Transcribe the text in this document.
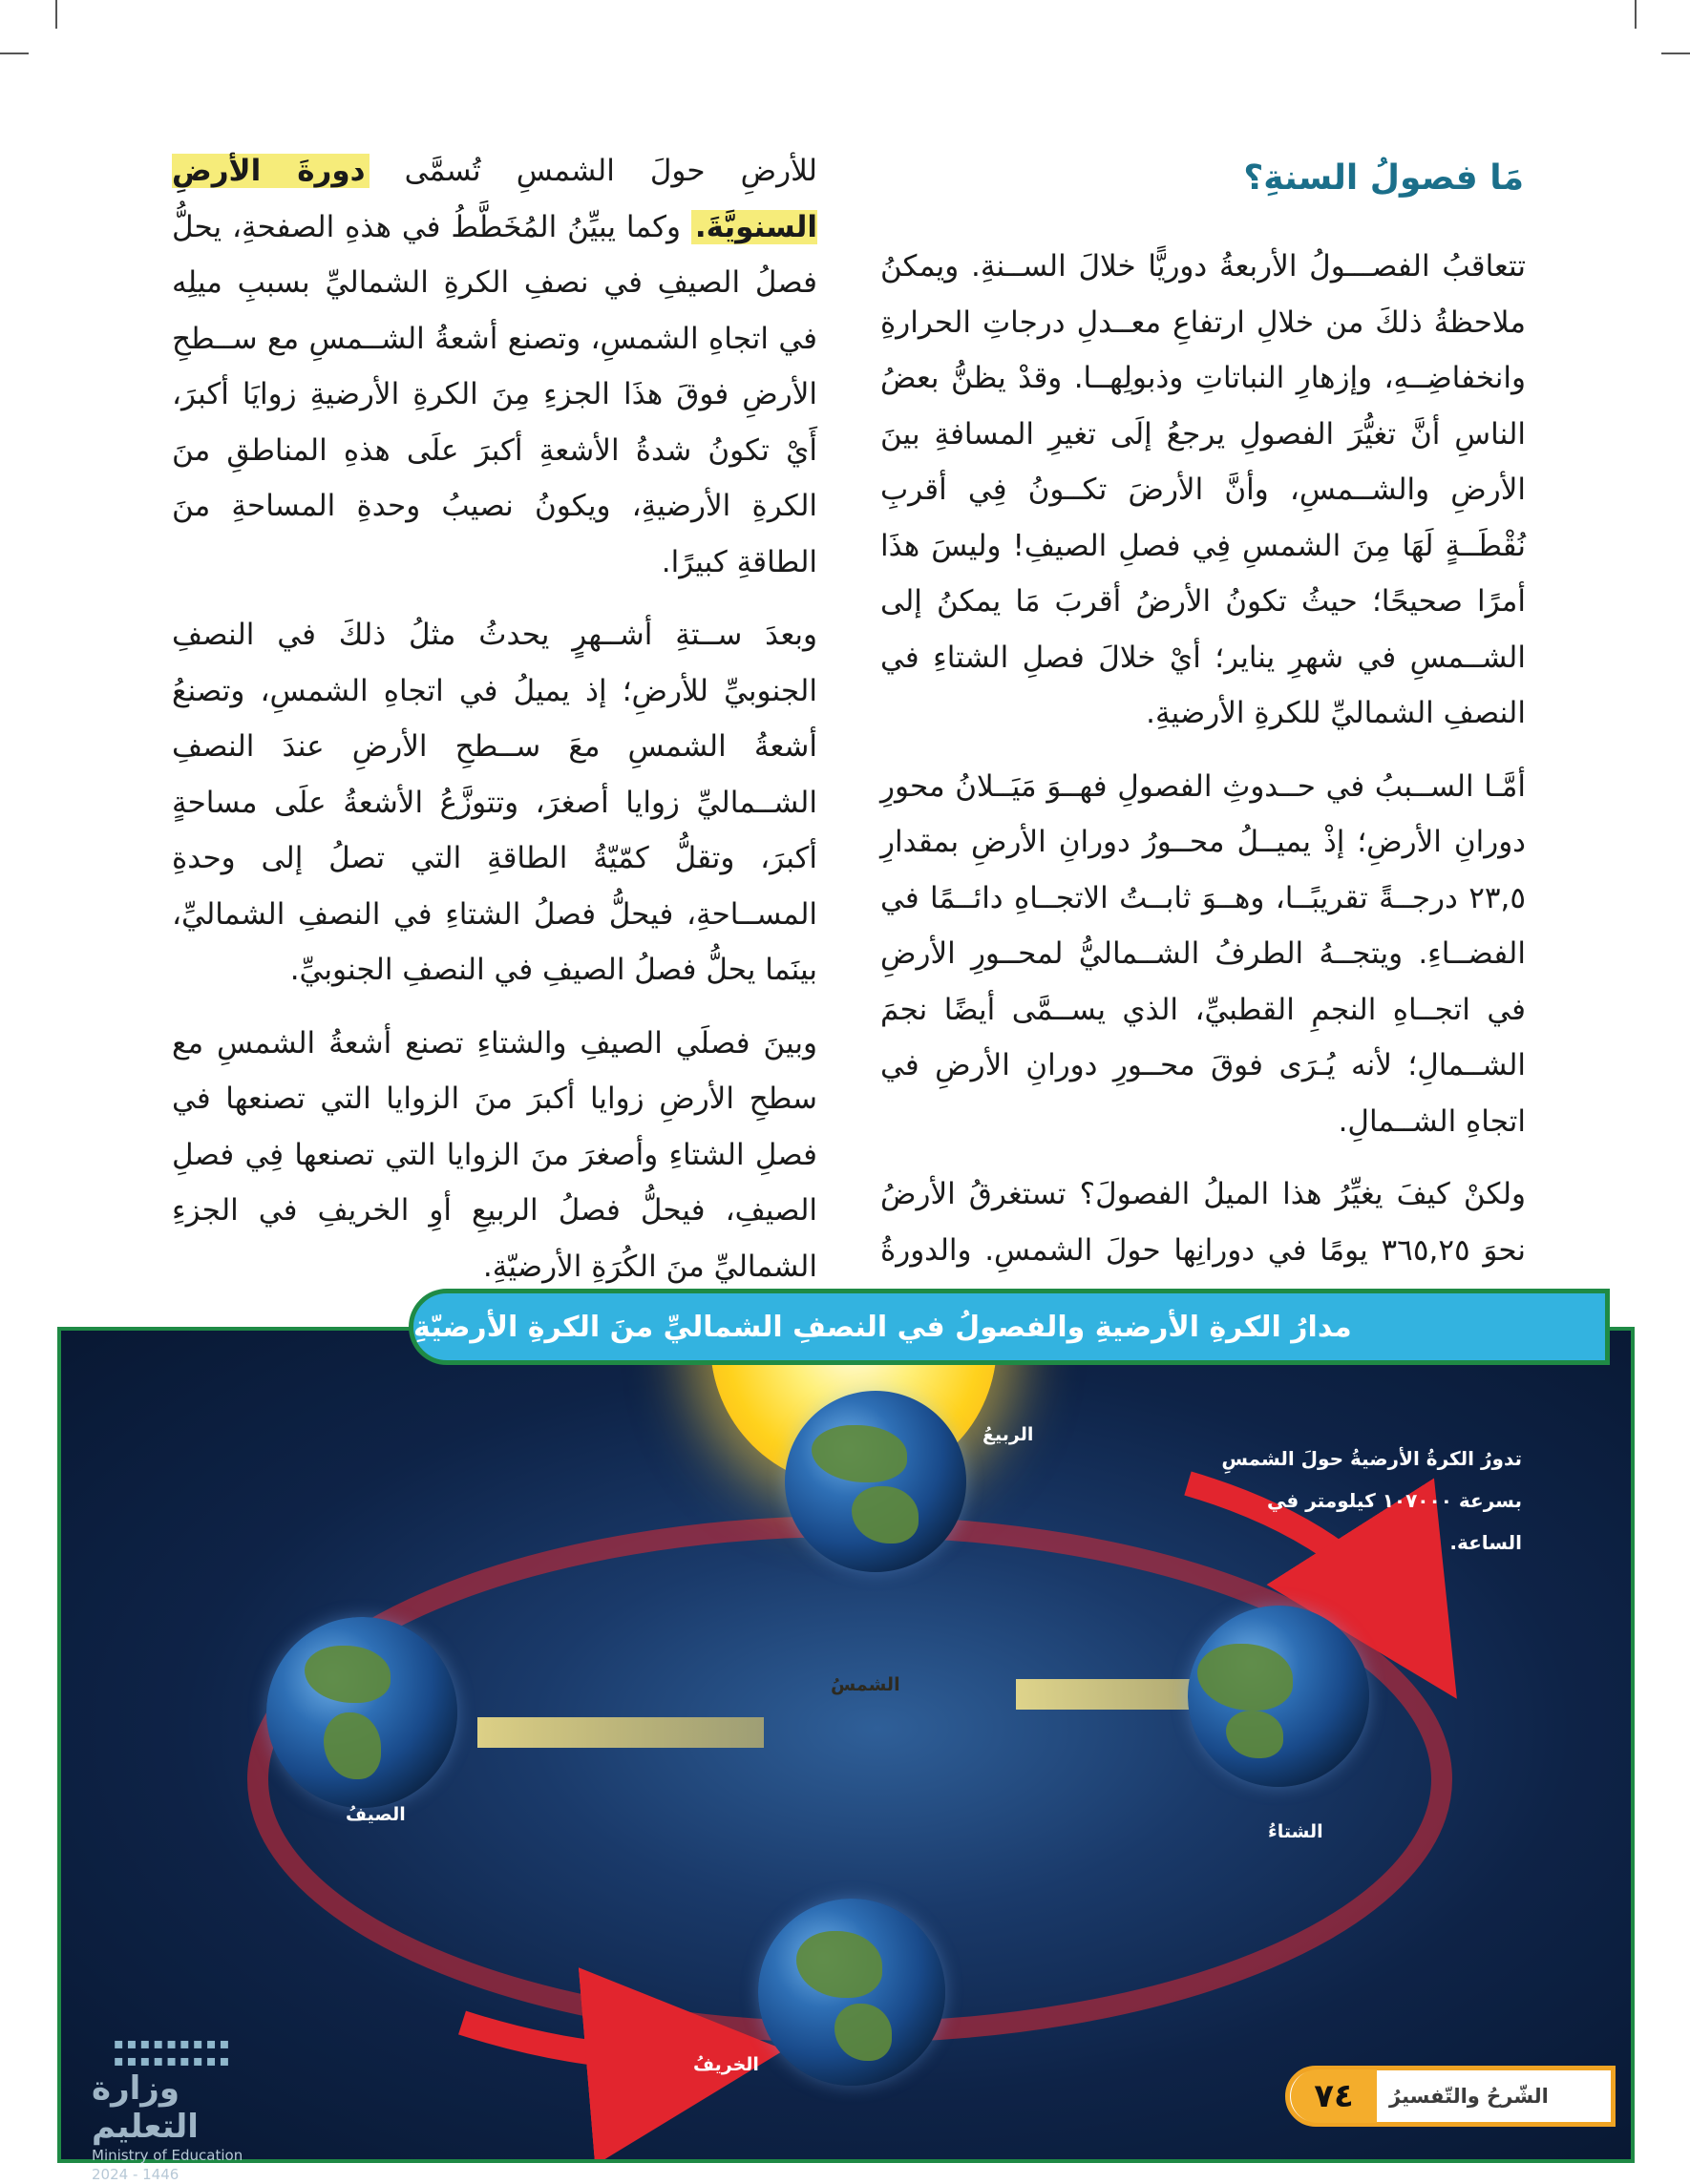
مَا فصولُ السنةِ؟

تتعاقبُ الفصـــولُ الأربعةُ دوريًّا خلالَ الســنةِ. ويمكنُ ملاحظةُ ذلكَ من خلالِ ارتفاعِ معــدلِ درجاتِ الحرارةِ وانخفاضِــهِ، وإزهارِ النباتاتِ وذبولِهــا. وقدْ يظنُّ بعضُ الناسِ أنَّ تغيُّرَ الفصولِ يرجعُ إلَى تغيرِ المسافةِ بينَ الأرضِ والشــمسِ، وأنَّ الأرضَ تكــونُ فِي أقربِ نُقْطَــةٍ لَهَا مِنَ الشمسِ فِي فصلِ الصيفِ! وليسَ هذَا أمرًا صحيحًا؛ حيثُ تكونُ الأرضُ أقربَ مَا يمكنُ إلى الشــمسِ في شهرِ يناير؛ أيْ خلالَ فصلِ الشتاءِ في النصفِ الشماليِّ للكرةِ الأرضيةِ.

أمَّـا الســببُ في حــدوثِ الفصولِ فهــوَ مَيَــلانُ محورِ دورانِ الأرضِ؛ إذْ يميــلُ محــورُ دورانِ الأرضِ بمقدارِ ٢٣,٥ درجــةً تقريبًــا، وهــوَ ثابــتُ الاتجــاهِ دائــمًا في الفضــاءِ. ويتجــهُ الطرفُ الشــماليُّ لمحــورِ الأرضِ في اتجــاهِ النجمِ القطبيِّ، الذي يســمَّى أيضًا نجمَ الشــمالِ؛ لأنه يُـرَى فوقَ محــورِ دورانِ الأرضِ في اتجاهِ الشــمالِ.

ولكنْ كيفَ يغيِّرُ هذا الميلُ الفصولَ؟ تستغرقُ الأرضُ نحوَ ٣٦٥,٢٥ يومًا في دورانِها حولَ الشمسِ. والدورةُ

للأرضِ حولَ الشمسِ تُسمَّى دورةَ الأرضِ السنويَّةَ. وكما يبيِّنُ المُخَطَّطُ في هذهِ الصفحةِ، يحلُّ فصلُ الصيفِ في نصفِ الكرةِ الشماليِّ بسببِ ميلِه في اتجاهِ الشمسِ، وتصنع أشعةُ الشــمسِ مع ســطحِ الأرضِ فوقَ هذَا الجزءِ مِنَ الكرةِ الأرضيةِ زوايَا أكبرَ، أَيْ تكونُ شدةُ الأشعةِ أكبرَ علَى هذهِ المناطقِ منَ الكرةِ الأرضيةِ، ويكونُ نصيبُ وحدةِ المساحةِ منَ الطاقةِ كبيرًا.

وبعدَ ســتةِ أشــهرٍ يحدثُ مثلُ ذلكَ في النصفِ الجنوبيِّ للأرضِ؛ إذ يميلُ في اتجاهِ الشمسِ، وتصنعُ أشعةُ الشمسِ معَ ســطحِ الأرضِ عندَ النصفِ الشــماليِّ زوايا أصغرَ، وتتوزَّعُ الأشعةُ علَى مساحةٍ أكبرَ، وتقلُّ كمّيّةُ الطاقةِ التي تصلُ إلى وحدةِ المســاحةِ، فيحلُّ فصلُ الشتاءِ في النصفِ الشماليِّ، بينَما يحلُّ فصلُ الصيفِ في النصفِ الجنوبيِّ.

وبينَ فصلَي الصيفِ والشتاءِ تصنع أشعةُ الشمسِ مع سطحِ الأرضِ زوايا أكبرَ منَ الزوايا التي تصنعها في فصلِ الشتاءِ وأصغرَ منَ الزوايا التي تصنعها فِي فصلِ الصيفِ، فيحلُّ فصلُ الربيعِ أوِ الخريفِ في الجزءِ الشماليِّ منَ الكُرَةِ الأرضيّةِ.

الشمسُ
الربيعُ
الصيفُ
الشتاءُ
الخريفُ
تدورُ الكرةُ الأرضيةُ حولَ الشمسِ بسرعة ١٠٧٠٠٠ كيلومتر في الساعة.
مدارُ الكرةِ الأرضيةِ والفصولُ في النصفِ الشماليِّ منَ الكرةِ الأرضيّةِ
▪▪▪▪▪▪▪▪▪
▪▪▪▪▪▪▪▪▪
وزارة التعليم
Ministry of Education
2024 - 1446
٧٤	الشّرحُ والتّفسيرُ
